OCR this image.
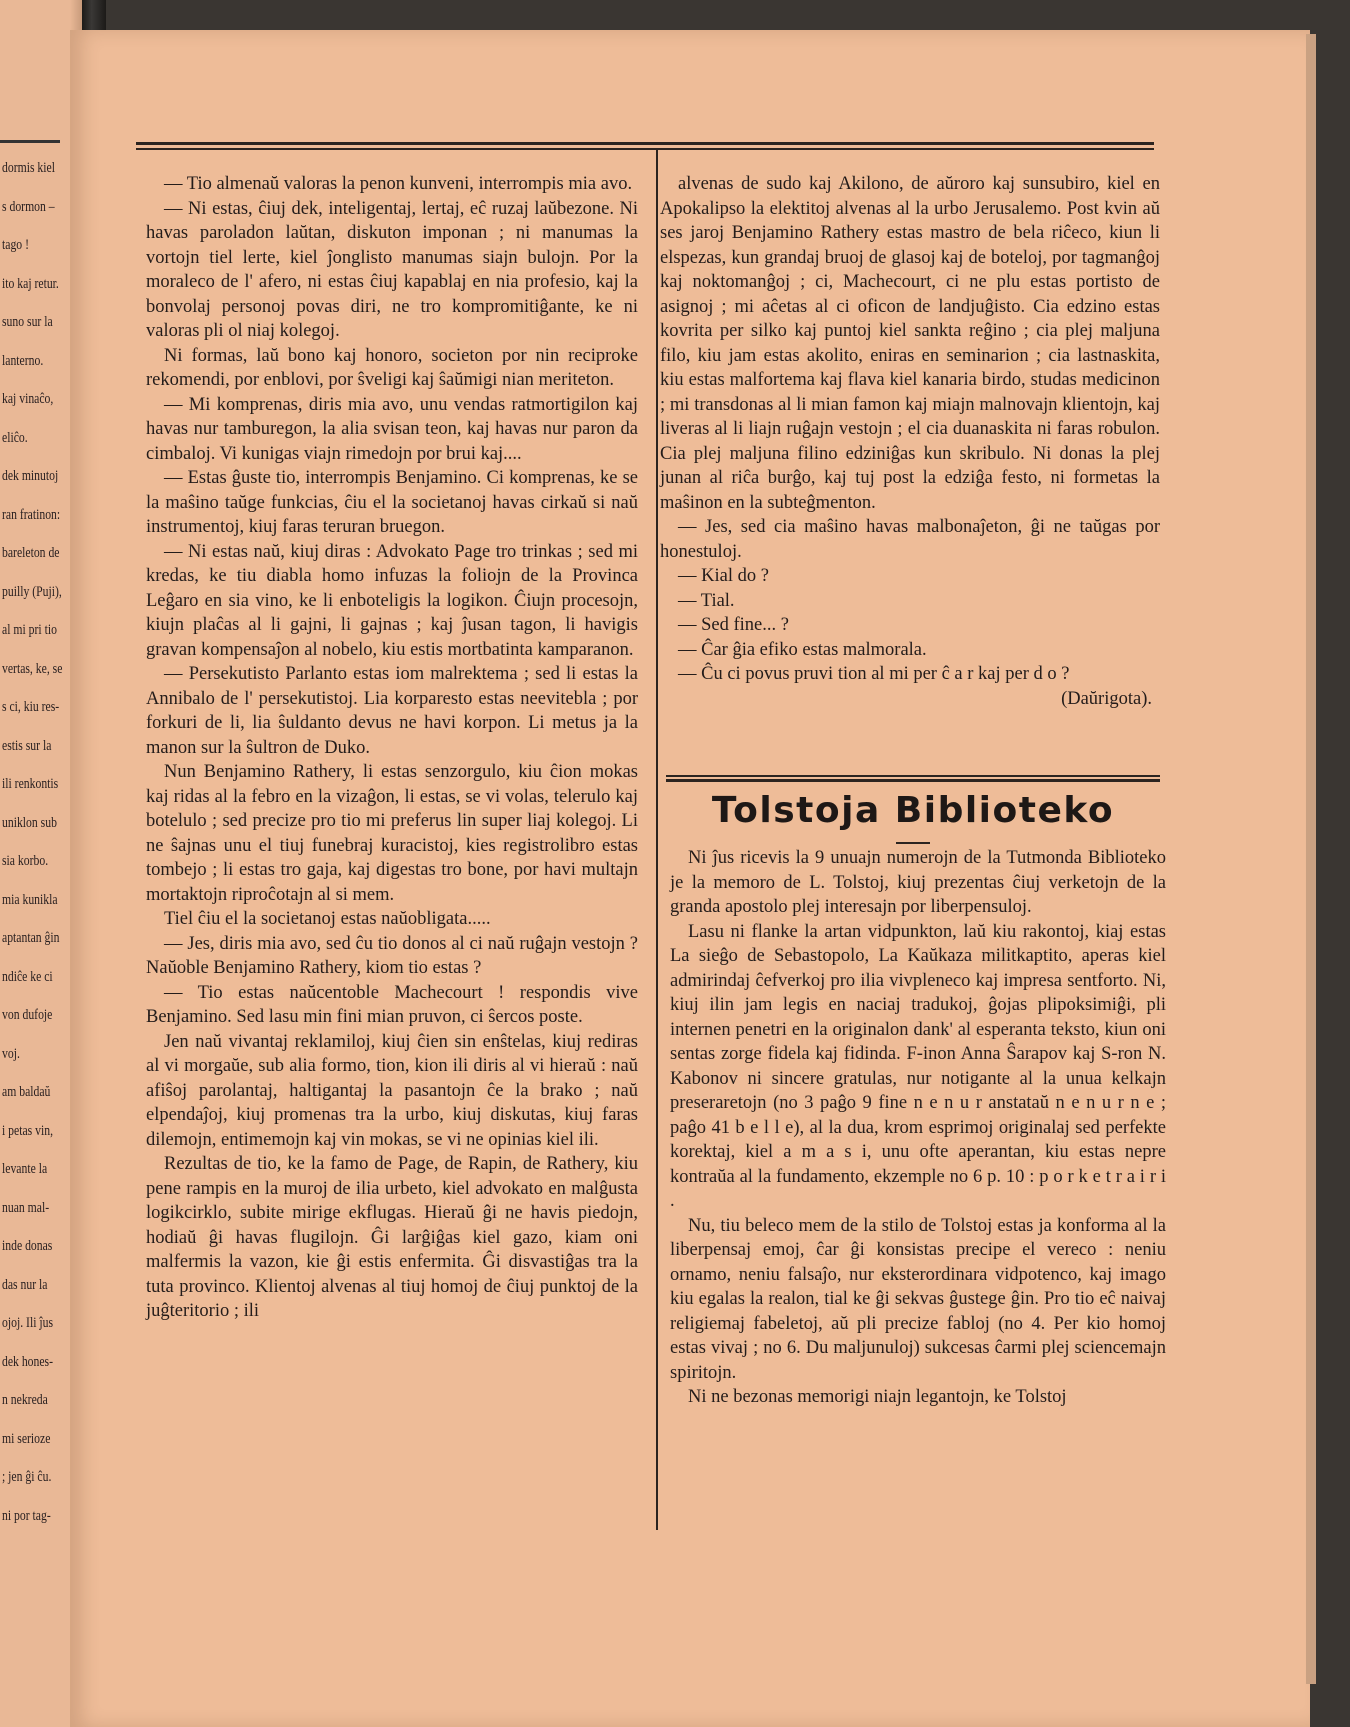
dormis kiel
s dormon –
tago !
ito kaj retur.
suno sur la
lanterno.
kaj vinaĉo,
eliĉo.
dek minutoj
ran fratinon:
bareleton de
puilly (Puji),
al mi pri tio
vertas, ke, se
s ci, kiu res-
estis sur la
ili renkontis
uniklon sub
sia korbo.
mia kunikla
aptantan ĝin
ndiĉe ke ci
von dufoje
voj.
am baldaŭ
i petas vin,
levante la
nuan mal-
inde donas
das nur la
ojoj. Ili ĵus
dek hones-
n nekreda
mi serioze
; jen ĝi ĉu.
ni por tag-

— Tio almenaŭ valoras la penon kunveni, interrompis mia avo.

— Ni estas, ĉiuj dek, inteligentaj, lertaj, eĉ ruzaj laŭbezone. Ni havas paroladon laŭtan, diskuton imponan ; ni manumas la vortojn tiel lerte, kiel ĵonglisto manumas siajn bulojn. Por la moraleco de l' afero, ni estas ĉiuj kapablaj en nia profesio, kaj la bonvolaj personoj povas diri, ne tro kompromitiĝante, ke ni valoras pli ol niaj kolegoj.

Ni formas, laŭ bono kaj honoro, societon por nin reciproke rekomendi, por enblovi, por ŝveligi kaj ŝaŭmigi nian meriteton.

— Mi komprenas, diris mia avo, unu vendas ratmortigilon kaj havas nur tamburegon, la alia svisan teon, kaj havas nur paron da cimbaloj. Vi kunigas viajn rimedojn por brui kaj....

— Estas ĝuste tio, interrompis Benjamino. Ci komprenas, ke se la maŝino taŭge funkcias, ĉiu el la societanoj havas cirkaŭ si naŭ instrumentoj, kiuj faras teruran bruegon.

— Ni estas naŭ, kiuj diras : Advokato Page tro trinkas ; sed mi kredas, ke tiu diabla homo infuzas la foliojn de la Provinca Leĝaro en sia vino, ke li enboteligis la logikon. Ĉiujn procesojn, kiujn plaĉas al li gajni, li gajnas ; kaj ĵusan tagon, li havigis gravan kompensaĵon al nobelo, kiu estis mortbatinta kamparanon.

— Persekutisto Parlanto estas iom malrektema ; sed li estas la Annibalo de l' persekutistoj. Lia korparesto estas neevitebla ; por forkuri de li, lia ŝuldanto devus ne havi korpon. Li metus ja la manon sur la ŝultron de Duko.

Nun Benjamino Rathery, li estas senzorgulo, kiu ĉion mokas kaj ridas al la febro en la vizaĝon, li estas, se vi volas, telerulo kaj botelulo ; sed precize pro tio mi preferus lin super liaj kolegoj. Li ne ŝajnas unu el tiuj funebraj kuracistoj, kies registrolibro estas tombejo ; li estas tro gaja, kaj digestas tro bone, por havi multajn mortaktojn riproĉotajn al si mem.

Tiel ĉiu el la societanoj estas naŭobligata.....

— Jes, diris mia avo, sed ĉu tio donos al ci naŭ ruĝajn vestojn ? Naŭoble Benjamino Rathery, kiom tio estas ?

— Tio estas naŭcentoble Machecourt ! respondis vive Benjamino. Sed lasu min fini mian pruvon, ci ŝercos poste.

Jen naŭ vivantaj reklamiloj, kiuj ĉien sin enŝtelas, kiuj rediras al vi morgaŭe, sub alia formo, tion, kion ili diris al vi hieraŭ : naŭ afiŝoj parolantaj, haltigantaj la pasantojn ĉe la brako ; naŭ elpendaĵoj, kiuj promenas tra la urbo, kiuj diskutas, kiuj faras dilemojn, entimemojn kaj vin mokas, se vi ne opinias kiel ili.

Rezultas de tio, ke la famo de Page, de Rapin, de Rathery, kiu pene rampis en la muroj de ilia urbeto, kiel advokato en malĝusta logikcirklo, subite mirige ekflugas. Hieraŭ ĝi ne havis piedojn, hodiaŭ ĝi havas flugilojn. Ĝi larĝiĝas kiel gazo, kiam oni malfermis la vazon, kie ĝi estis enfermita. Ĝi disvastiĝas tra la tuta provinco. Klientoj alvenas al tiuj homoj de ĉiuj punktoj de la juĝteritorio ; ili

alvenas de sudo kaj Akilono, de aŭroro kaj sunsubiro, kiel en Apokalipso la elektitoj alvenas al la urbo Jerusalemo. Post kvin aŭ ses jaroj Benjamino Rathery estas mastro de bela riĉeco, kiun li elspezas, kun grandaj bruoj de glasoj kaj de boteloj, por tagmanĝoj kaj noktomanĝoj ; ci, Machecourt, ci ne plu estas portisto de asignoj ; mi aĉetas al ci oficon de landjuĝisto. Cia edzino estas kovrita per silko kaj puntoj kiel sankta reĝino ; cia plej maljuna filo, kiu jam estas akolito, eniras en seminarion ; cia lastnaskita, kiu estas malfortema kaj flava kiel kanaria birdo, studas medicinon ; mi transdonas al li mian famon kaj miajn malnovajn klientojn, kaj liveras al li liajn ruĝajn vestojn ; el cia duanaskita ni faras robulon. Cia plej maljuna filino edziniĝas kun skribulo. Ni donas la plej junan al riĉa burĝo, kaj tuj post la edziĝa festo, ni formetas la maŝinon en la subteĝmenton.

— Jes, sed cia maŝino havas malbonaĵeton, ĝi ne taŭgas por honestuloj.

— Kial do ?

— Tial.

— Sed fine... ?

— Ĉar ĝia efiko estas malmorala.

— Ĉu ci povus pruvi tion al mi per ĉ a r kaj per d o ?

(Daŭrigota).

Tolstoja Biblioteko

Ni ĵus ricevis la 9 unuajn numerojn de la Tutmonda Biblioteko je la memoro de L. Tolstoj, kiuj prezentas ĉiuj verketojn de la granda apostolo plej interesajn por liberpensuloj.

Lasu ni flanke la artan vidpunkton, laŭ kiu rakontoj, kiaj estas La sieĝo de Sebastopolo, La Kaŭkaza militkaptito, aperas kiel admirindaj ĉefverkoj pro ilia vivpleneco kaj impresa sentforto. Ni, kiuj ilin jam legis en naciaj tradukoj, ĝojas plipoksimiĝi, pli internen penetri en la originalon dank' al esperanta teksto, kiun oni sentas zorge fidela kaj fidinda. F-inon Anna Ŝarapov kaj S-ron N. Kabonov ni sincere gratulas, nur notigante al la unua kelkajn preseraretojn (no 3 paĝo 9 fine n e n u r anstataŭ n e n u r n e ; paĝo 41 b e l l e), al la dua, krom esprimoj originalaj sed perfekte korektaj, kiel a m a s i, unu ofte aperantan, kiu estas nepre kontraŭa al la fundamento, ekzemple no 6 p. 10 : p o r k e t r a i r i .

Nu, tiu beleco mem de la stilo de Tolstoj estas ja konforma al la liberpensaj emoj, ĉar ĝi konsistas precipe el vereco : neniu ornamo, neniu falsaĵo, nur eksterordinara vidpotenco, kaj imago kiu egalas la realon, tial ke ĝi sekvas ĝustege ĝin. Pro tio eĉ naivaj religiemaj fabeletoj, aŭ pli precize fabloj (no 4. Per kio homoj estas vivaj ; no 6. Du maljunuloj) sukcesas ĉarmi plej sciencemajn spiritojn.

Ni ne bezonas memorigi niajn legantojn, ke Tolstoj
